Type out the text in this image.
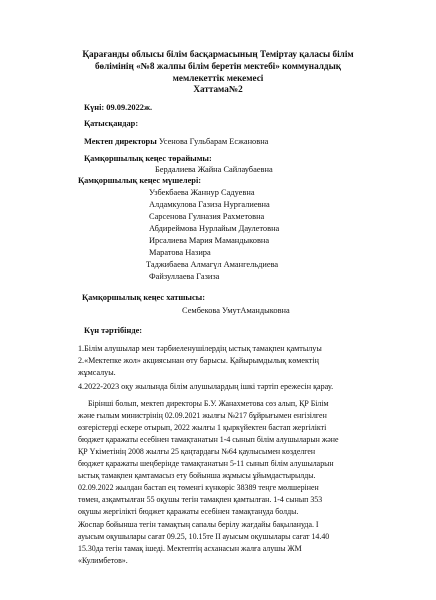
Қарағанды облысы білім басқармасының Теміртау қаласы білім
бөлімінің «№8 жалпы білім беретін мектебі» коммуналдық
мемлекеттік мекемесі
Хаттама№2
Күні: 09.09.2022ж.
Қатысқандар:
Мектеп директоры Усенова Гульбарам Есжановна
Қамқоршылық кеңес төрайымы:
Бердалиева Жайна Сайлаубаевна
Қамқоршылық кеңес мүшелері:
Узбекбаева Жаннур Садуевна
Алдамкулова Газиза Нургалиевна
Сарсенова Гулназия Рахметовна
Абдиреймова Нурлайым Даулетовна
Ирсалиева Мария Мамандыковна
Маратова Назира
Таджибаева Алмагүл Амангельдиева
Файзуллаева Газиза
Қамқоршылық кеңес хатшысы:
Сембекова УмутАмандыковна
Күн тәртібінде:
1.Білім алушылар мен тәрбиеленушілердің ыстық тамақпен қамтылуы
2.«Мектепке жол» акциясынан өту барысы. Қайырымдылық көмектің
жұмсалуы.
4.2022-2023 оқу жылында білім алушылардың ішкі тәртіп ережесін қарау.
Біріншi болып, мектеп директоры Б.У. Жанахметова сөз алып, ҚР Білім
және ғылым министрінің 02.09.2021 жылғы №217 бұйрығымен енгізілген
өзгерістерді ескере отырып, 2022 жылғы 1 қыркүйектен бастап жергілікті
бюджет қаражаты есебінен тамақтанатын 1-4 сынып білім алушыларын және
ҚР Үкіметінің 2008 жылғы 25 қаңтардағы №64 қаулысымен көзделген
бюджет қаражаты шеңберінде тамақтанатын 5-11 сынып білім алушыларын
ыстық тамақпен қамтамасыз ету бойынша жұмысы ұйымдастырылды.
02.09.2022 жылдан бастап ең төменгі күнкөріс 38389 теңге мөлшерінен
төмен, азқамтылған 55 оқушы тегін тамақпен қамтылған. 1-4 сынып 353
оқушы жергілікті бюджет қаражаты есебінен тамақтануда болды.
Жоспар бойынша тегін тамақтың сапалы берілу жағдайы бақылануда. I
ауысым оқушылары сағат 09.25, 10.15те II ауысым оқушылары сағат 14.40
15.30да тегін тамақ ішеді. Мектептің асханасын жалға алушы ЖМ
«Кулимбетов».
